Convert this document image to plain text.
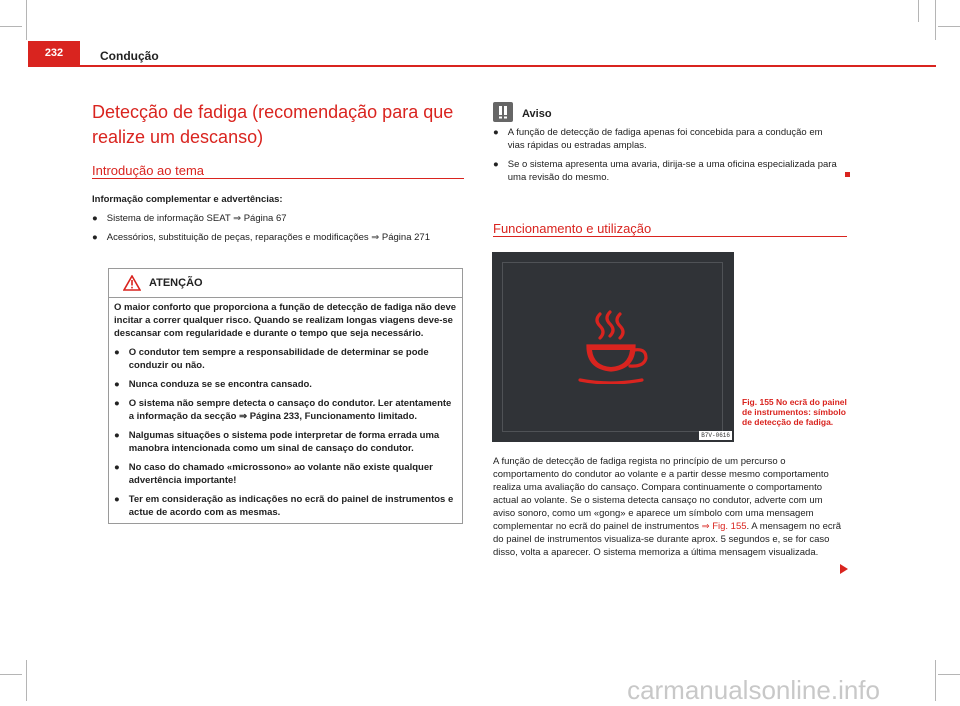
232	Condução
Detecção de fadiga (recomendação para que realize um descanso)
Introdução ao tema
Informação complementar e advertências:
● Sistema de informação SEAT ⇒ Página 67
● Acessórios, substituição de peças, reparações e modificações ⇒ Página 271
ATENÇÃO

O maior conforto que proporciona a função de detecção de fadiga não deve incitar a correr qualquer risco. Quando se realizam longas viagens deve-se descansar com regularidade e durante o tempo que seja necessário.

● O condutor tem sempre a responsabilidade de determinar se pode conduzir ou não.

● Nunca conduza se se encontra cansado.

● O sistema não sempre detecta o cansaço do condutor. Ler atentamente a informação da secção ⇒ Página 233, Funcionamento limitado.

● Nalgumas situações o sistema pode interpretar de forma errada uma manobra intencionada como um sinal de cansaço do condutor.

● No caso do chamado «microssono» ao volante não existe qualquer advertência importante!

● Ter em consideração as indicações no ecrã do painel de instrumentos e actue de acordo com as mesmas.

Aviso
● A função de detecção de fadiga apenas foi concebida para a condução em vias rápidas ou estradas amplas.
● Se o sistema apresenta uma avaria, dirija-se a uma oficina especializada para uma revisão do mesmo.
Funcionamento e utilização
B7V-0616
Fig. 155 No ecrã do painel de instrumentos: símbolo de detecção de fadiga.
A função de detecção de fadiga regista no princípio de um percurso o comportamento do condutor ao volante e a partir desse mesmo comportamento realiza uma avaliação do cansaço. Compara continuamente o comportamento actual ao volante. Se o sistema detecta cansaço no condutor, adverte com um aviso sonoro, como um «gong» e aparece um símbolo com uma mensagem complementar no ecrã do painel de instrumentos ⇒ Fig. 155. A mensagem no ecrã do painel de instrumentos visualiza-se durante aprox. 5 segundos e, se for caso disso, volta a aparecer. O sistema memoriza a última mensagem visualizada.
carmanualsonline.info
